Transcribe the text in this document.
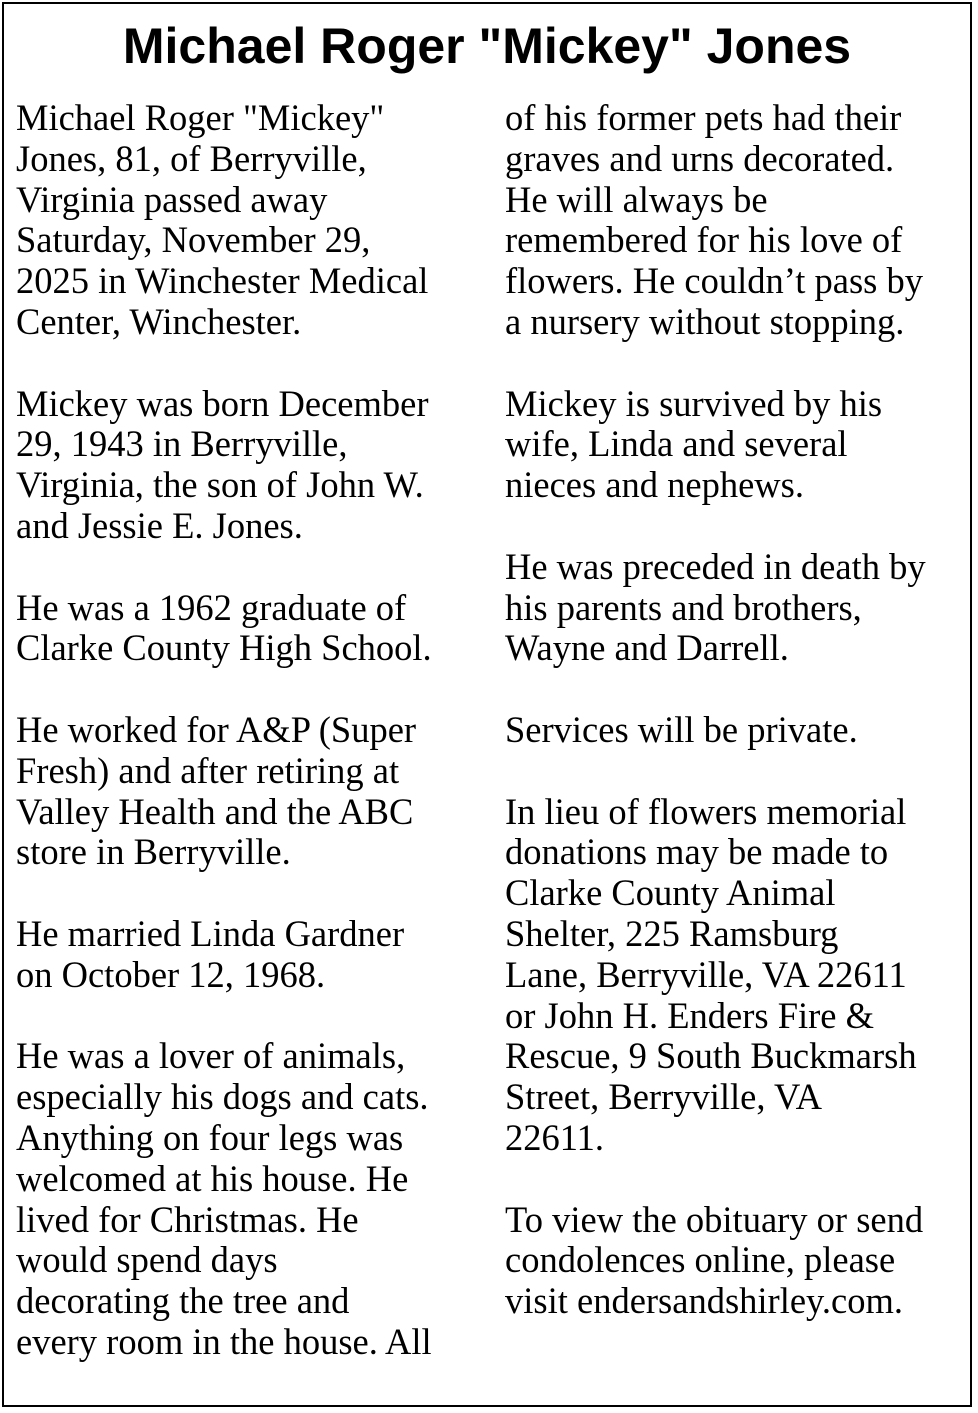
Michael Roger "Mickey" Jones
Michael Roger "Mickey"
Jones, 81, of Berryville,
Virginia passed away
Saturday, November 29,
2025 in Winchester Medical
Center, Winchester.
Mickey was born December
29, 1943 in Berryville,
Virginia, the son of John W.
and Jessie E. Jones.
He was a 1962 graduate of
Clarke County High School.
He worked for A&P (Super
Fresh) and after retiring at
Valley Health and the ABC
store in Berryville.
He married Linda Gardner
on October 12, 1968.
He was a lover of animals,
especially his dogs and cats.
Anything on four legs was
welcomed at his house. He
lived for Christmas. He
would spend days
decorating the tree and
every room in the house. All
of his former pets had their
graves and urns decorated.
He will always be
remembered for his love of
flowers. He couldn’t pass by
a nursery without stopping.
Mickey is survived by his
wife, Linda and several
nieces and nephews.
He was preceded in death by
his parents and brothers,
Wayne and Darrell.
Services will be private.
In lieu of flowers memorial
donations may be made to
Clarke County Animal
Shelter, 225 Ramsburg
Lane, Berryville, VA 22611
or John H. Enders Fire &
Rescue, 9 South Buckmarsh
Street, Berryville, VA
22611.
To view the obituary or send
condolences online, please
visit endersandshirley.com.
